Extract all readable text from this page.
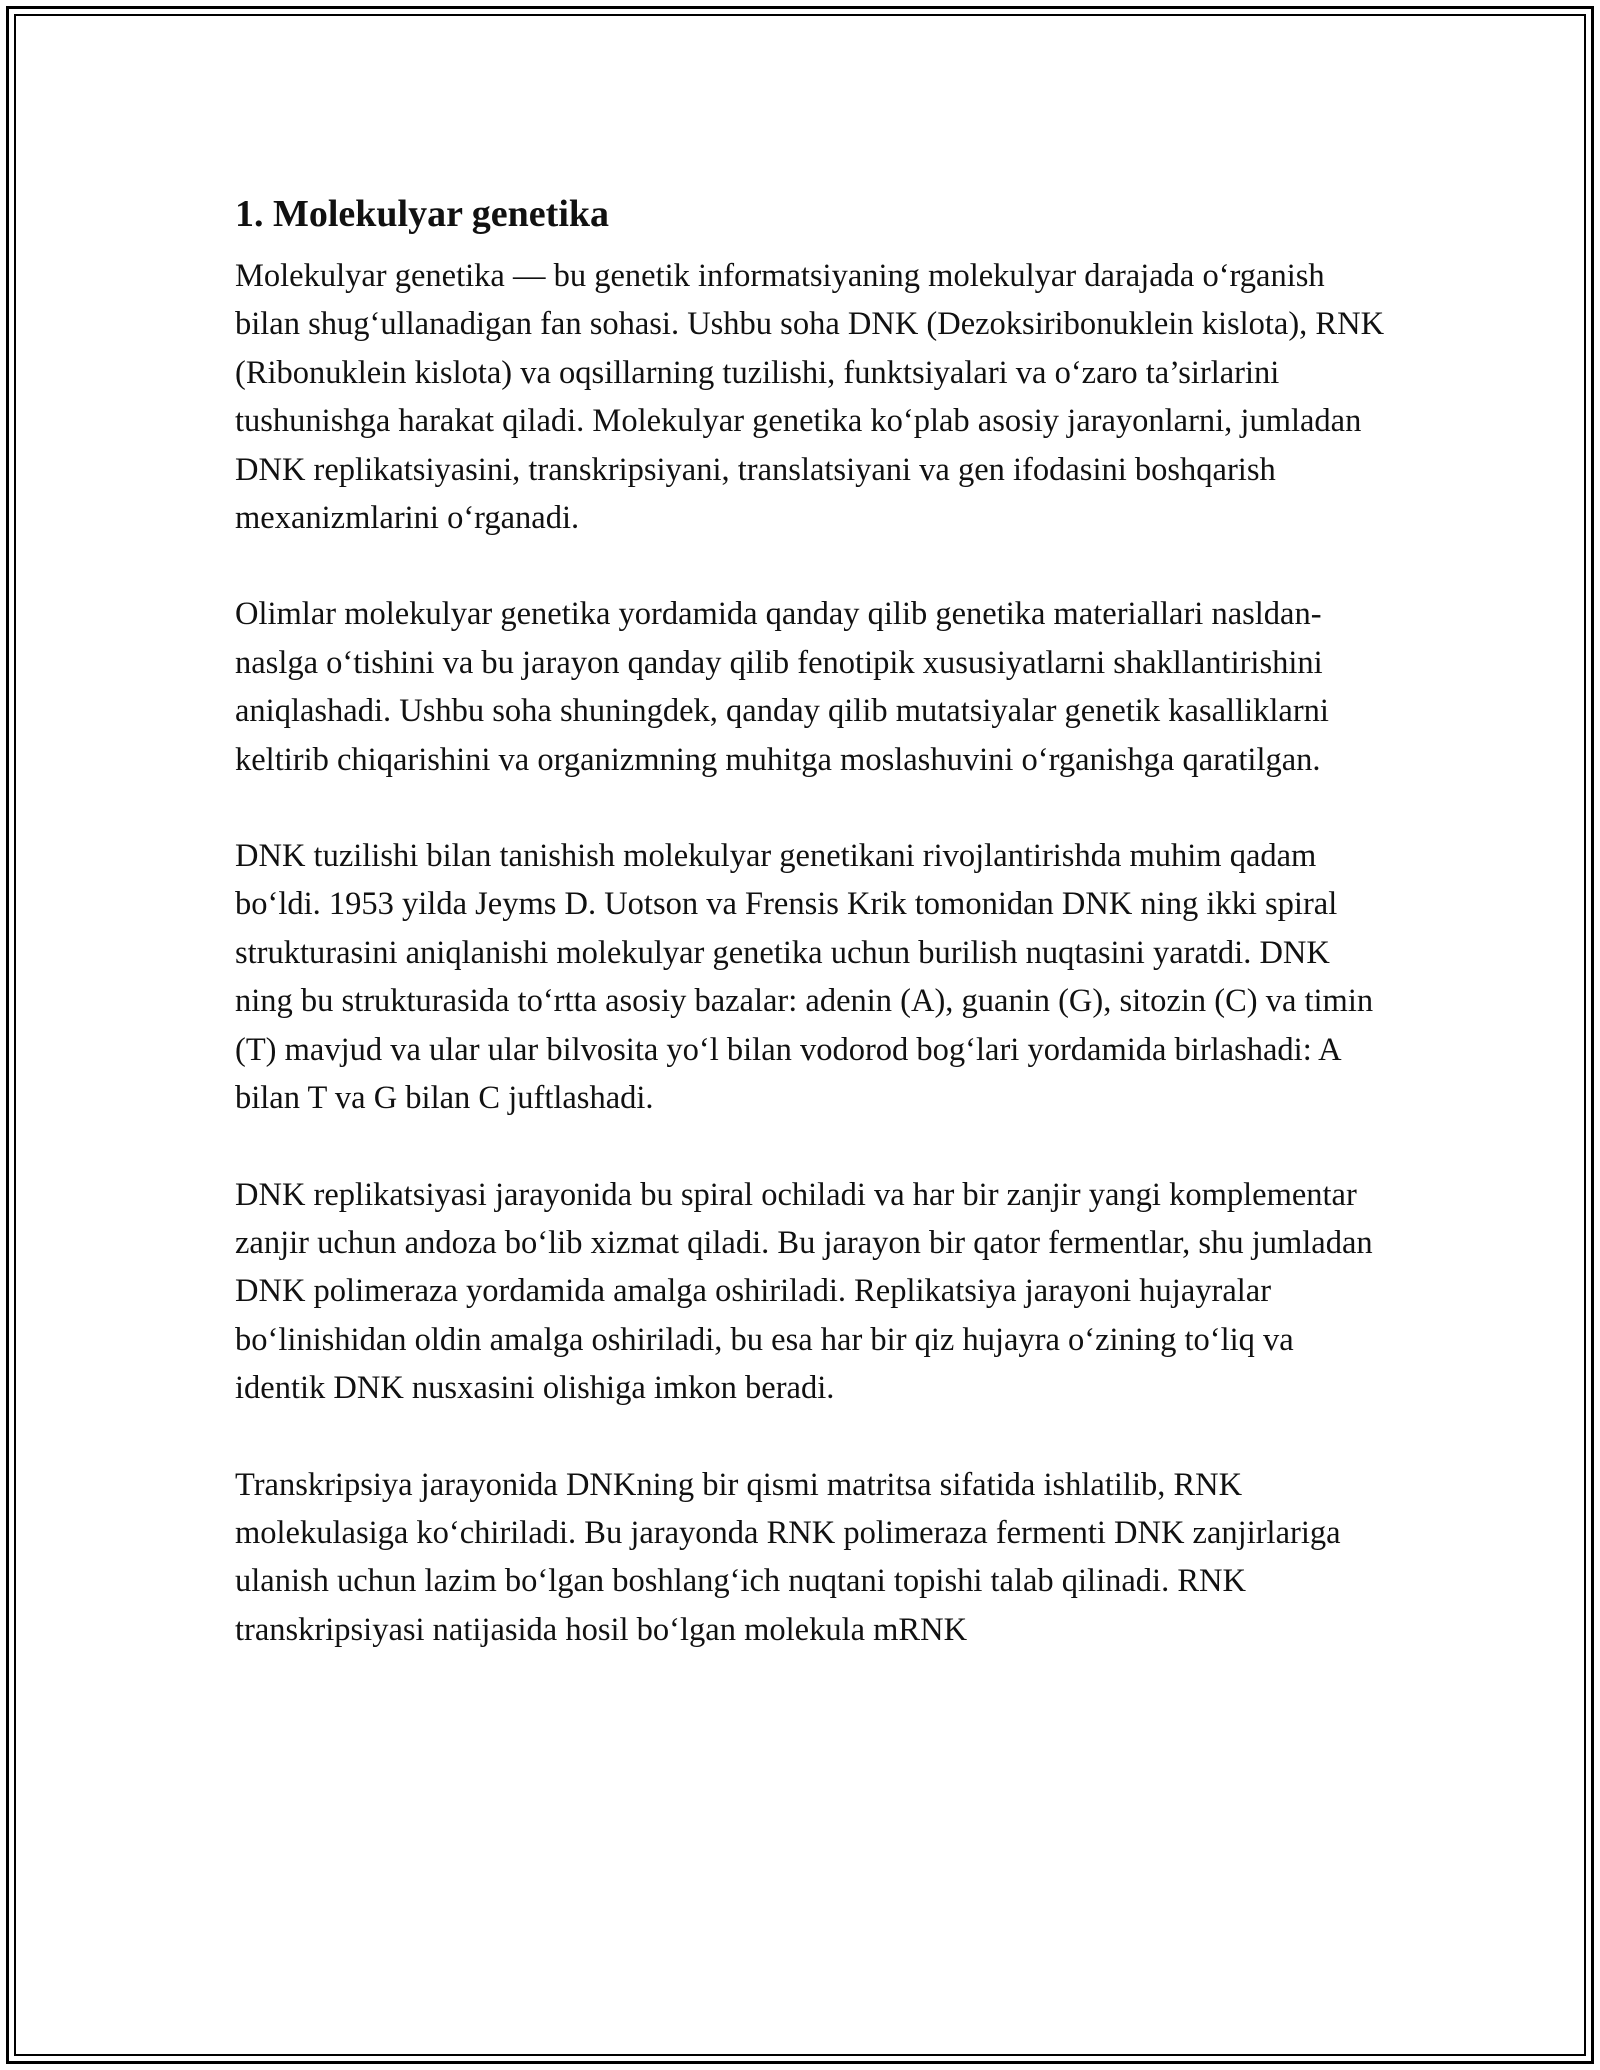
1. Molekulyar genetika

Molekulyar genetika — bu genetik informatsiyaning molekulyar darajada o‘rganish bilan shug‘ullanadigan fan sohasi. Ushbu soha DNK (Dezoksiribonuklein kislota), RNK (Ribonuklein kislota) va oqsillarning tuzilishi, funktsiyalari va o‘zaro ta’sirlarini tushunishga harakat qiladi. Molekulyar genetika ko‘plab asosiy jarayonlarni, jumladan DNK replikatsiyasini, transkripsiyani, translatsiyani va gen ifodasini boshqarish mexanizmlarini o‘rganadi.

Olimlar molekulyar genetika yordamida qanday qilib genetika materiallari nasldan-naslga o‘tishini va bu jarayon qanday qilib fenotipik xususiyatlarni shakllantirishini aniqlashadi. Ushbu soha shuningdek, qanday qilib mutatsiyalar genetik kasalliklarni keltirib chiqarishini va organizmning muhitga moslashuvini o‘rganishga qaratilgan.

DNK tuzilishi bilan tanishish molekulyar genetikani rivojlantirishda muhim qadam bo‘ldi. 1953 yilda Jeyms D. Uotson va Frensis Krik tomonidan DNK ning ikki spiral strukturasini aniqlanishi molekulyar genetika uchun burilish nuqtasini yaratdi. DNK ning bu strukturasida to‘rtta asosiy bazalar: adenin (A), guanin (G), sitozin (C) va timin (T) mavjud va ular ular bilvosita yo‘l bilan vodorod bog‘lari yordamida birlashadi: A bilan T va G bilan C juftlashadi.

DNK replikatsiyasi jarayonida bu spiral ochiladi va har bir zanjir yangi komplementar zanjir uchun andoza bo‘lib xizmat qiladi. Bu jarayon bir qator fermentlar, shu jumladan DNK polimeraza yordamida amalga oshiriladi. Replikatsiya jarayoni hujayralar bo‘linishidan oldin amalga oshiriladi, bu esa har bir qiz hujayra o‘zining to‘liq va identik DNK nusxasini olishiga imkon beradi.

Transkripsiya jarayonida DNKning bir qismi matritsa sifatida ishlatilib, RNK molekulasiga ko‘chiriladi. Bu jarayonda RNK polimeraza fermenti DNK zanjirlariga ulanish uchun lazim bo‘lgan boshlang‘ich nuqtani topishi talab qilinadi. RNK transkripsiyasi natijasida hosil bo‘lgan molekula mRNK
